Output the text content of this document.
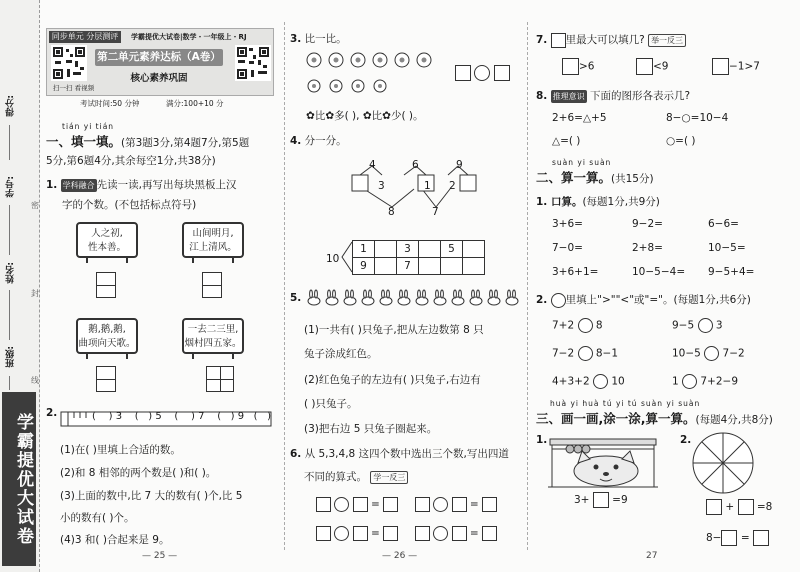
得分:
学号:
姓名:
班级:
密
封
线
学霸提优大试卷
同步单元 分层测评	学霸提优大试卷|数学・一年级上・RJ
扫一扫 看视频
第二单元素养达标（A卷）
核心素养巩固
考试时间:50 分钟	满分:100+10 分
tián yi tián
一、填一填。(第3题3分,第4题7分,第5题
5分,第6题4分,其余每空1分,共38分)
1. 学科融合 先读一读,再写出每块黑板上汉
字的个数。(不包括标点符号)
人之初,
性本善。
山间明月,
江上清风。
鹅,鹅,鹅,
曲项向天歌。
一去二三里,
烟村四五家。
2.	(    ) 3    (   ) 5 (    ) 7 (   ) 9 (   )
(1)在( )里填上合适的数。
(2)和 8 相邻的两个数是( )和( )。
(3)上面的数中,比 7 大的数有( )个,比 5
小的数有( )个。
(4)3 和( )合起来是 9。
— 25 —
3. 比一比。

✿比✿多( ), ✿比✿少( )。
4. 分一分。
4	6	9
3	1 2
8	7
10
1		3		5	
9		7			
5.
(1)一共有( )只兔子,把从左边数第 8 只
兔子涂成红色。
(2)红色兔子的左边有( )只兔子,右边有
( )只兔子。
(3)把右边 5 只兔子圈起来。
6. 从 5,3,4,8 这四个数中选出三个数,写出四道
不同的算式。 学一反三
=	=
=	=
— 26 —
7. 里最大可以填几? 举一反三
>6	<9	−1>7
8. 推理意识 下面的图形各表示几?
2+6=△+5	8−○=10−4
△=( )	○=( )
suàn yi suàn
二、算一算。(共15分)
1. 口算。(每题1分,共9分)
3+6=	9−2=	6−6=
7−0=	2+8=	10−5=
3+6+1=	10−5−4= 9−5+4=
2. 里填上">""<"或"="。(每题1分,共6分)
7+2 8	9−5 3
7−2 8−1	10−5 7−2
4+3+2 10	1 7+2−9
huà yi huà tú yi tú suàn yi suàn
三、画一画,涂一涂,算一算。(每题4分,共8分)
1.	2.
3+ =9
+ =8
8− =
27
